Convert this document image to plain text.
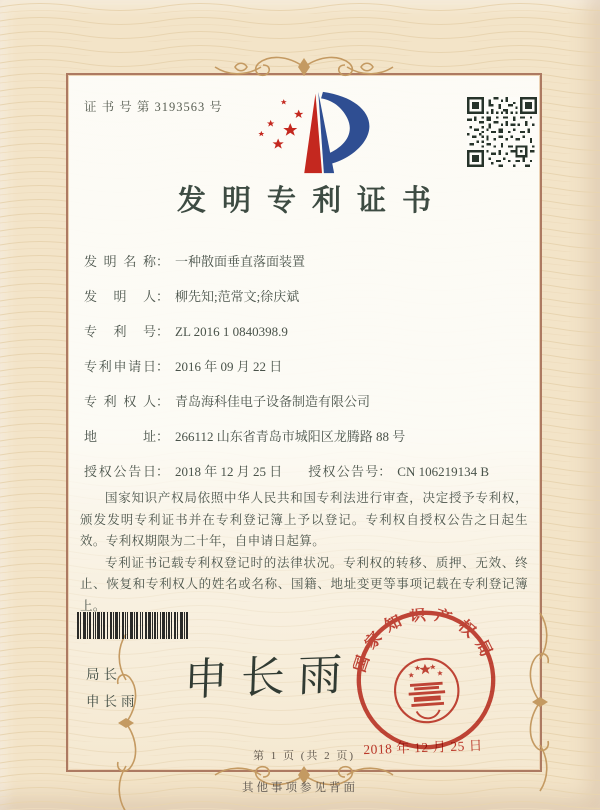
证 书 号 第 3193563 号
发明专利证书
发明名称 ： 一种散面垂直落面装置
发明人 ： 柳先知;范常文;徐庆斌
专利号 ： ZL 2016 1 0840398.9
专利申请日 ： 2016 年 09 月 22 日
专利权人 ： 青岛海科佳电子设备制造有限公司
地址 ： 266112 山东省青岛市城阳区龙腾路 88 号
授权公告日 ： 2018 年 12 月 25 日 授权公告号 ： CN 106219134 B

国家知识产权局依照中华人民共和国专利法进行审查，决定授予专利权，颁发发明专利证书并在专利登记簿上予以登记。专利权自授权公告之日起生效。专利权期限为二十年，自申请日起算。

专利证书记载专利权登记时的法律状况。专利权的转移、质押、无效、终止、恢复和专利权人的姓名或名称、国籍、地址变更等事项记载在专利登记簿上。

局长
申长雨 申长雨
国家知识产权局
2018 年 12 月 25 日
第 1 页 (共 2 页)
其他事项参见背面
